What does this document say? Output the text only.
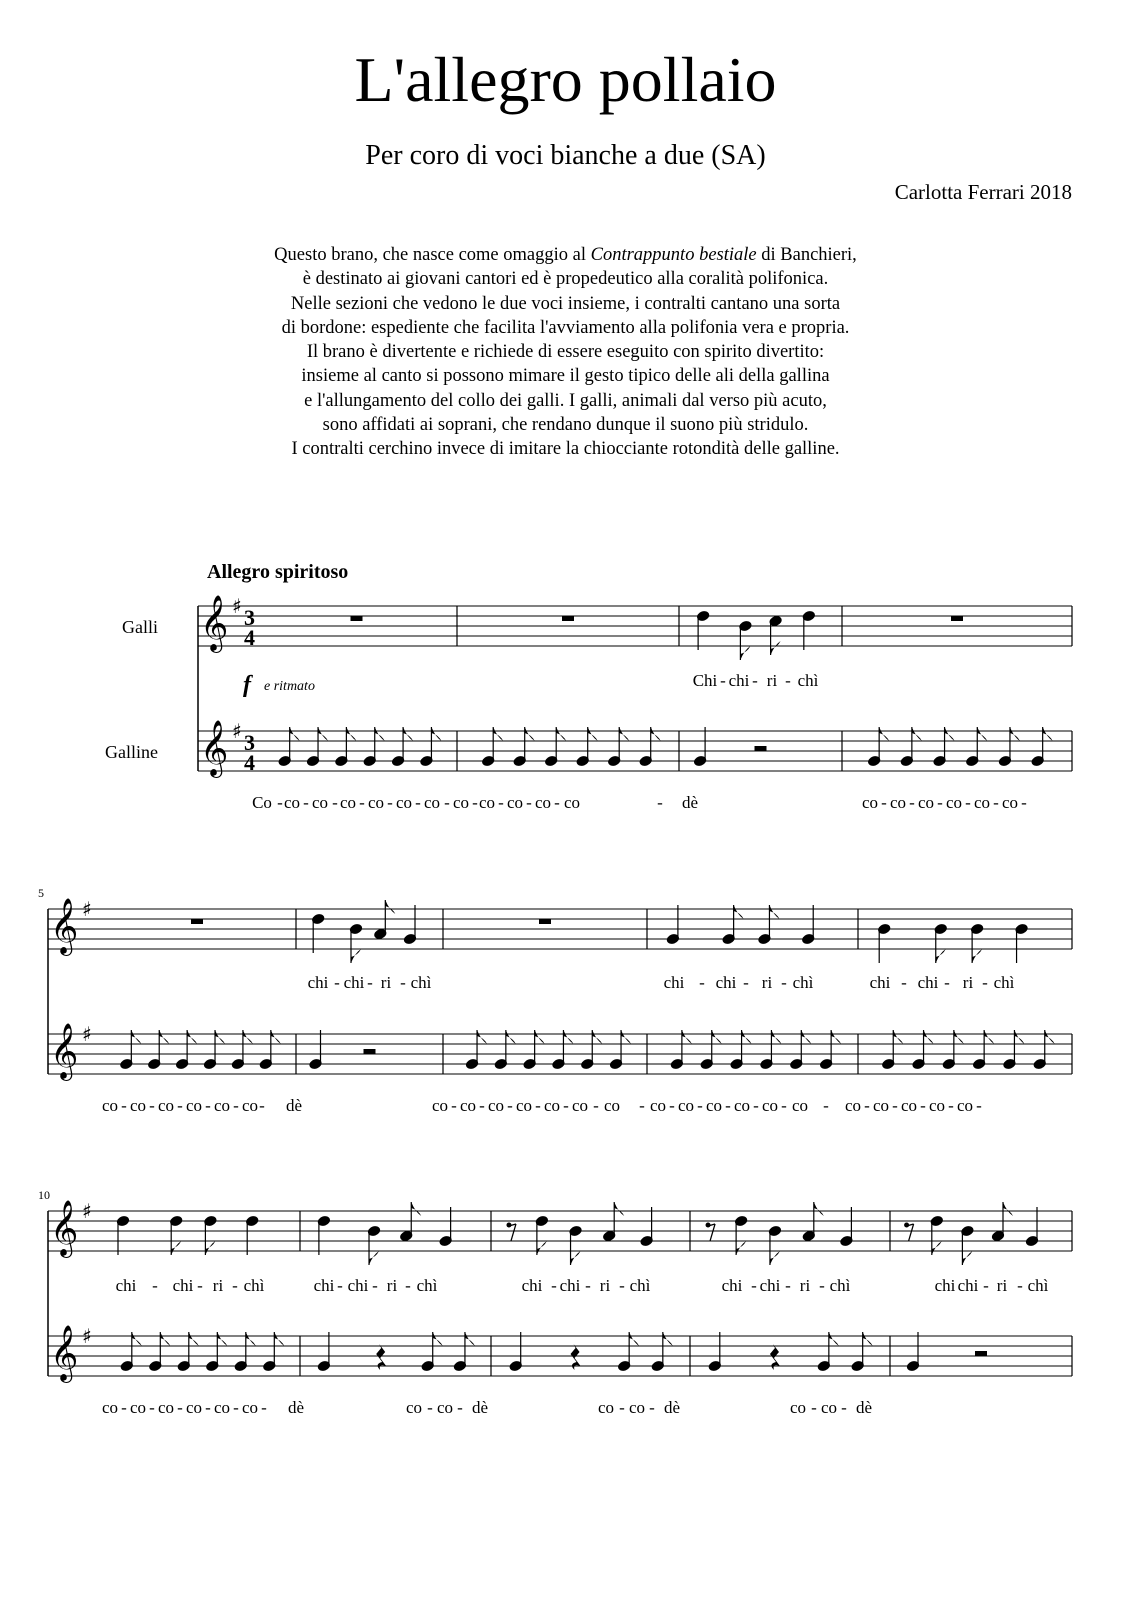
L'allegro pollaio
Per coro di voci bianche a due (SA)
Carlotta Ferrari 2018
Questo brano, che nasce come omaggio al Contrappunto bestiale di Banchieri,
è destinato ai giovani cantori ed è propedeutico alla coralità polifonica.
Nelle sezioni che vedono le due voci insieme, i contralti cantano una sorta
di bordone: espediente che facilita l'avviamento alla polifonia vera e propria.
Il brano è divertente e richiede di essere eseguito con spirito divertito:
insieme al canto si possono mimare il gesto tipico delle ali della gallina
e l'allungamento del collo dei galli. I galli, animali dal verso più acuto,
sono affidati ai soprani, che rendano dunque il suono più stridulo.
I contralti cerchino invece di imitare la chiocciante rotondità delle galline.
𝄞 ♯ 3
4
𝄞 ♯ 3
4
Galli
Galline
Allegro spiritoso
f e ritmato	Chi - chi - ri - chì
Co -co - co - co - co - co - co - co -co - co - co - co	- dè	co - co - co - co - co - co -
𝄞 ♯
𝄞 ♯
5
chi - chi - ri - chì	chi - chi - ri - chì	chi - chi - ri - chì
co - co - co - co - co - co- dè	co - co - co - co - co - co - co - co - co - co - co - co - co - co - co - co - co - co -
𝄞 ♯
𝄞 ♯
10
chi - chi - ri - chì	chi - chi - ri - chì	chi - chi - ri - chì	chi - chi - ri - chì	chi chi - ri - chì
co - co - co - co - co - co - dè	co - co - dè	co - co - dè	co - co - dè
